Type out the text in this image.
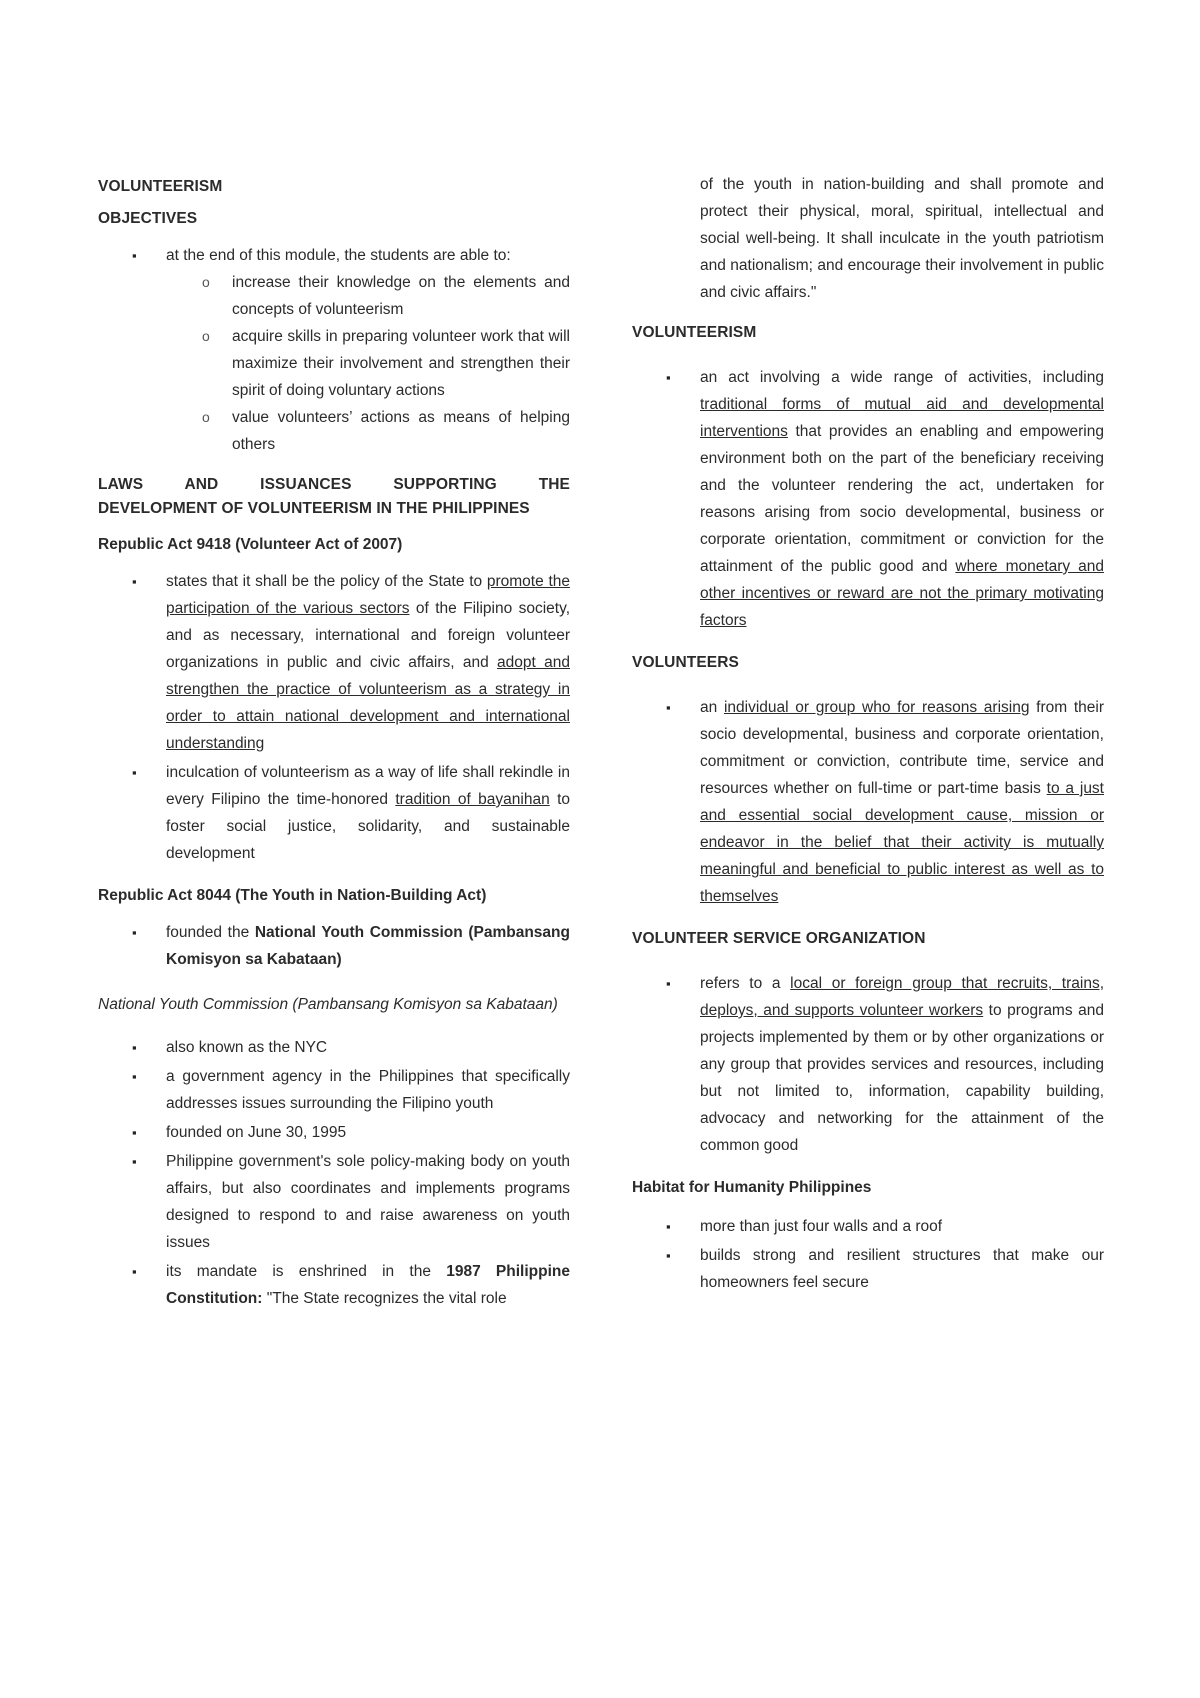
VOLUNTEERISM
OBJECTIVES
▪ at the end of this module, the students are able to:
o increase their knowledge on the elements and concepts of volunteerism
o acquire skills in preparing volunteer work that will maximize their involvement and strengthen their spirit of doing voluntary actions
o value volunteers’ actions as means of helping others
LAWS AND ISSUANCES SUPPORTING THE
DEVELOPMENT OF VOLUNTEERISM IN THE PHILIPPINES
Republic Act 9418 (Volunteer Act of 2007)
▪ states that it shall be the policy of the State to promote the participation of the various sectors of the Filipino society, and as necessary, international and foreign volunteer organizations in public and civic affairs, and adopt and strengthen the practice of volunteerism as a strategy in order to attain national development and international understanding
▪ inculcation of volunteerism as a way of life shall rekindle in every Filipino the time-honored tradition of bayanihan to foster social justice, solidarity, and sustainable development
Republic Act 8044 (The Youth in Nation-Building Act)
▪ founded the National Youth Commission (Pambansang Komisyon sa Kabataan)
National Youth Commission (Pambansang Komisyon sa Kabataan)
▪ also known as the NYC
▪ a government agency in the Philippines that specifically addresses issues surrounding the Filipino youth
▪ founded on June 30, 1995
▪ Philippine government's sole policy-making body on youth affairs, but also coordinates and implements programs designed to respond to and raise awareness on youth issues
▪ its mandate is enshrined in the 1987 Philippine Constitution: "The State recognizes the vital role
of the youth in nation-building and shall promote and protect their physical, moral, spiritual, intellectual and social well-being. It shall inculcate in the youth patriotism and nationalism; and encourage their involvement in public and civic affairs."
VOLUNTEERISM
▪ an act involving a wide range of activities, including traditional forms of mutual aid and developmental interventions that provides an enabling and empowering environment both on the part of the beneficiary receiving and the volunteer rendering the act, undertaken for reasons arising from socio developmental, business or corporate orientation, commitment or conviction for the attainment of the public good and where monetary and other incentives or reward are not the primary motivating factors
VOLUNTEERS
▪ an individual or group who for reasons arising from their socio developmental, business and corporate orientation, commitment or conviction, contribute time, service and resources whether on full-time or part-time basis to a just and essential social development cause, mission or endeavor in the belief that their activity is mutually meaningful and beneficial to public interest as well as to themselves
VOLUNTEER SERVICE ORGANIZATION
▪ refers to a local or foreign group that recruits, trains, deploys, and supports volunteer workers to programs and projects implemented by them or by other organizations or any group that provides services and resources, including but not limited to, information, capability building, advocacy and networking for the attainment of the common good
Habitat for Humanity Philippines
▪ more than just four walls and a roof
▪ builds strong and resilient structures that make our homeowners feel secure
